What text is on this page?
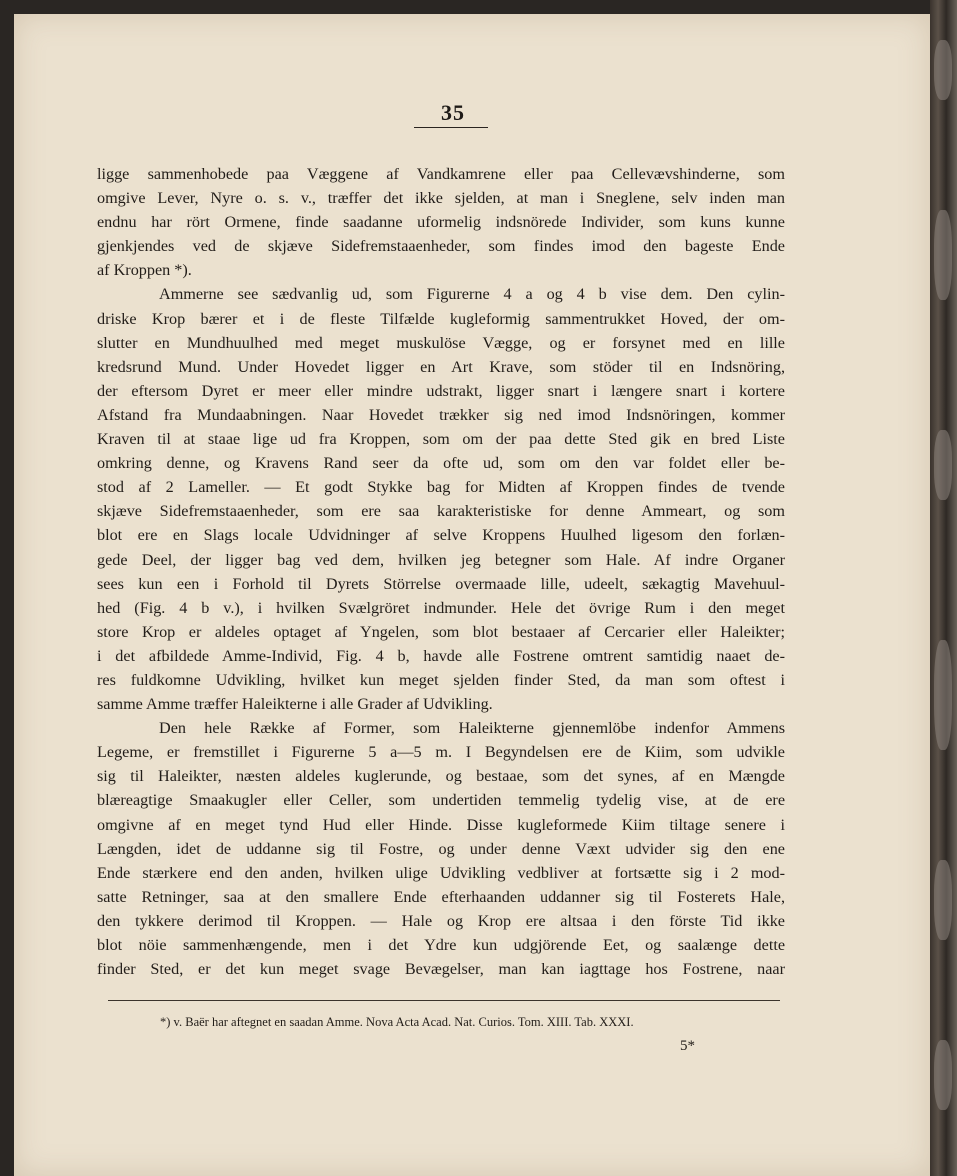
35
ligge sammenhobede paa Væggene af Vandkamrene eller paa Cellevævshinderne, som
omgive Lever, Nyre o. s. v., træffer det ikke sjelden, at man i Sneglene, selv inden man
endnu har rört Ormene, finde saadanne uformelig indsnörede Individer, som kuns kunne
gjenkjendes ved de skjæve Sidefremstaaenheder, som findes imod den bageste Ende
af Kroppen *).
Ammerne see sædvanlig ud, som Figurerne 4 a og 4 b vise dem. Den cylin-
driske Krop bærer et i de fleste Tilfælde kugleformig sammentrukket Hoved, der om-
slutter en Mundhuulhed med meget muskulöse Vægge, og er forsynet med en lille
kredsrund Mund. Under Hovedet ligger en Art Krave, som stöder til en Indsnöring,
der eftersom Dyret er meer eller mindre udstrakt, ligger snart i længere snart i kortere
Afstand fra Mundaabningen. Naar Hovedet trækker sig ned imod Indsnöringen, kommer
Kraven til at staae lige ud fra Kroppen, som om der paa dette Sted gik en bred Liste
omkring denne, og Kravens Rand seer da ofte ud, som om den var foldet eller be-
stod af 2 Lameller. — Et godt Stykke bag for Midten af Kroppen findes de tvende
skjæve Sidefremstaaenheder, som ere saa karakteristiske for denne Ammeart, og som
blot ere en Slags locale Udvidninger af selve Kroppens Huulhed ligesom den forlæn-
gede Deel, der ligger bag ved dem, hvilken jeg betegner som Hale. Af indre Organer
sees kun een i Forhold til Dyrets Störrelse overmaade lille, udeelt, sækagtig Mavehuul-
hed (Fig. 4 b v.), i hvilken Svælgröret indmunder. Hele det övrige Rum i den meget
store Krop er aldeles optaget af Yngelen, som blot bestaaer af Cercarier eller Haleikter;
i det afbildede Amme-Individ, Fig. 4 b, havde alle Fostrene omtrent samtidig naaet de-
res fuldkomne Udvikling, hvilket kun meget sjelden finder Sted, da man som oftest i
samme Amme træffer Haleikterne i alle Grader af Udvikling.
Den hele Række af Former, som Haleikterne gjennemlöbe indenfor Ammens
Legeme, er fremstillet i Figurerne 5 a—5 m. I Begyndelsen ere de Kiim, som udvikle
sig til Haleikter, næsten aldeles kuglerunde, og bestaae, som det synes, af en Mængde
blæreagtige Smaakugler eller Celler, som undertiden temmelig tydelig vise, at de ere
omgivne af en meget tynd Hud eller Hinde. Disse kugleformede Kiim tiltage senere i
Længden, idet de uddanne sig til Fostre, og under denne Væxt udvider sig den ene
Ende stærkere end den anden, hvilken ulige Udvikling vedbliver at fortsætte sig i 2 mod-
satte Retninger, saa at den smallere Ende efterhaanden uddanner sig til Fosterets Hale,
den tykkere derimod til Kroppen. — Hale og Krop ere altsaa i den förste Tid ikke
blot nöie sammenhængende, men i det Ydre kun udgjörende Eet, og saalænge dette
finder Sted, er det kun meget svage Bevægelser, man kan iagttage hos Fostrene, naar
*) v. Baër har aftegnet en saadan Amme. Nova Acta Acad. Nat. Curios. Tom. XIII. Tab. XXXI.
5*
